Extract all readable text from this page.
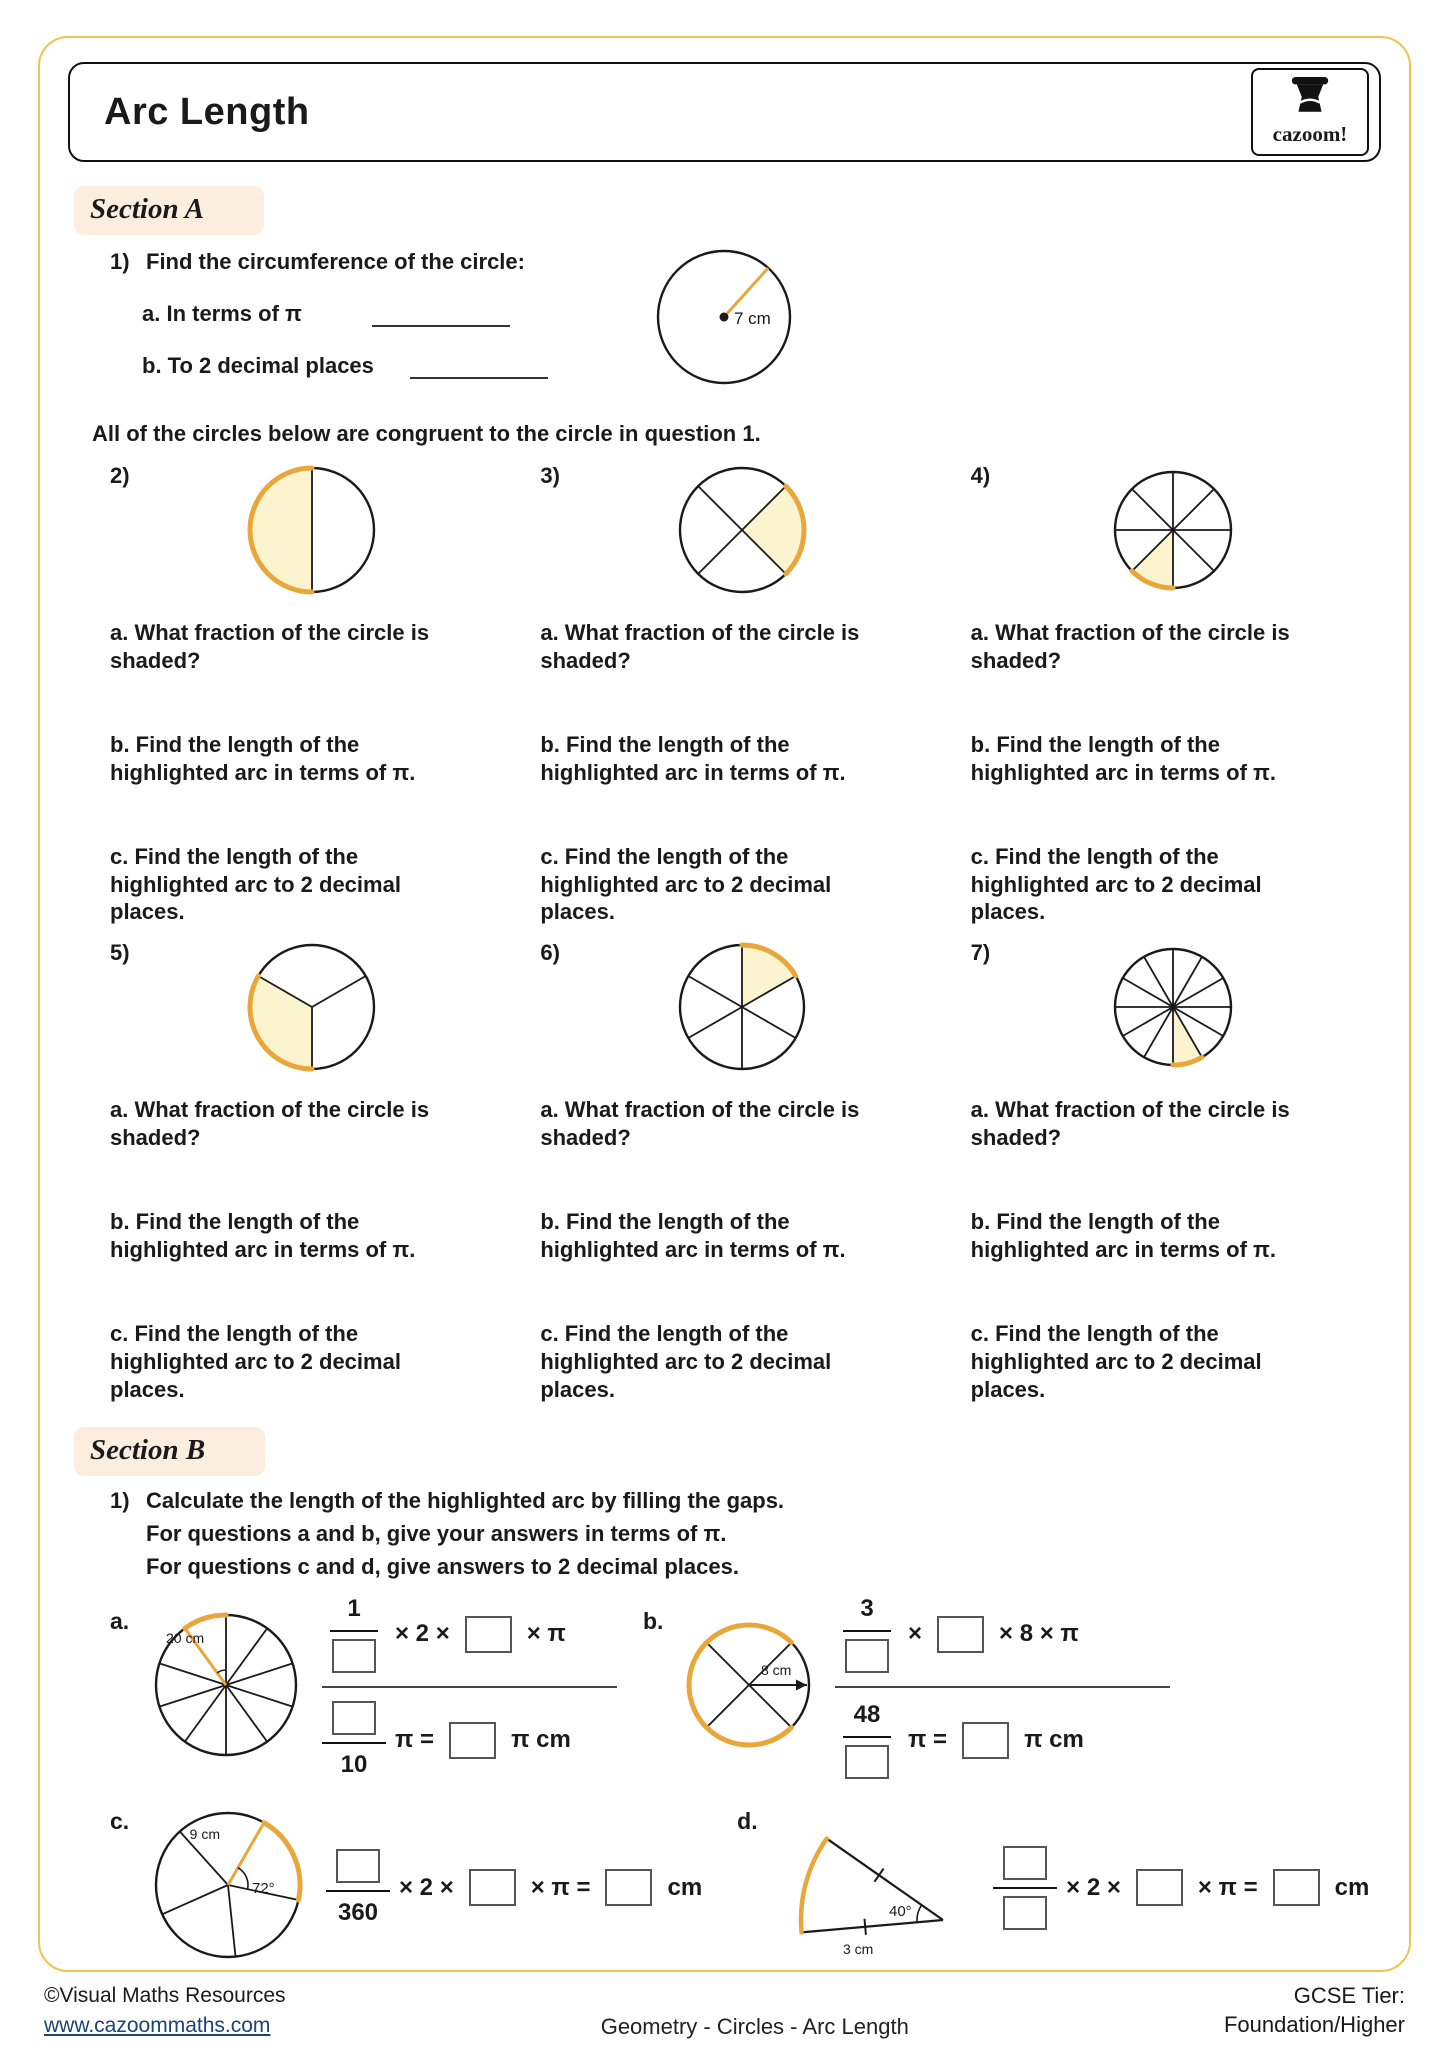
Arc Length
cazoom!
Section A
1) Find the circumference of the circle:
a. In terms of π
b. To 2 decimal places
7 cm
All of the circles below are congruent to the circle in question 1.
2)

a. What fraction of the circle is shaded?

b. Find the length of the highlighted arc in terms of π.

c. Find the length of the highlighted arc to 2 decimal places.

3)

a. What fraction of the circle is shaded?

b. Find the length of the highlighted arc in terms of π.

c. Find the length of the highlighted arc to 2 decimal places.

4)

a. What fraction of the circle is shaded?

b. Find the length of the highlighted arc in terms of π.

c. Find the length of the highlighted arc to 2 decimal places.

5)

a. What fraction of the circle is shaded?

b. Find the length of the highlighted arc in terms of π.

c. Find the length of the highlighted arc to 2 decimal places.

6)

a. What fraction of the circle is shaded?

b. Find the length of the highlighted arc in terms of π.

c. Find the length of the highlighted arc to 2 decimal places.

7)

a. What fraction of the circle is shaded?

b. Find the length of the highlighted arc in terms of π.

c. Find the length of the highlighted arc to 2 decimal places.

Section B
1) Calculate the length of the highlighted arc by filling the gaps.
For questions a and b, give your answers in terms of π.
For questions c and d, give answers to 2 decimal places.
a.
20 cm
1
× 2 ×	× π
10
π =	π cm
b.
8 cm
3
×	× 8 × π
48
π =	π cm
c.
72°
9 cm
360
× 2 ×	× π =	cm
d.
40°
3 cm
× 2 ×	× π =	cm
©Visual Maths Resources
www.cazoommaths.com	Geometry - Circles - Arc Length
GCSE Tier:
Foundation/Higher
